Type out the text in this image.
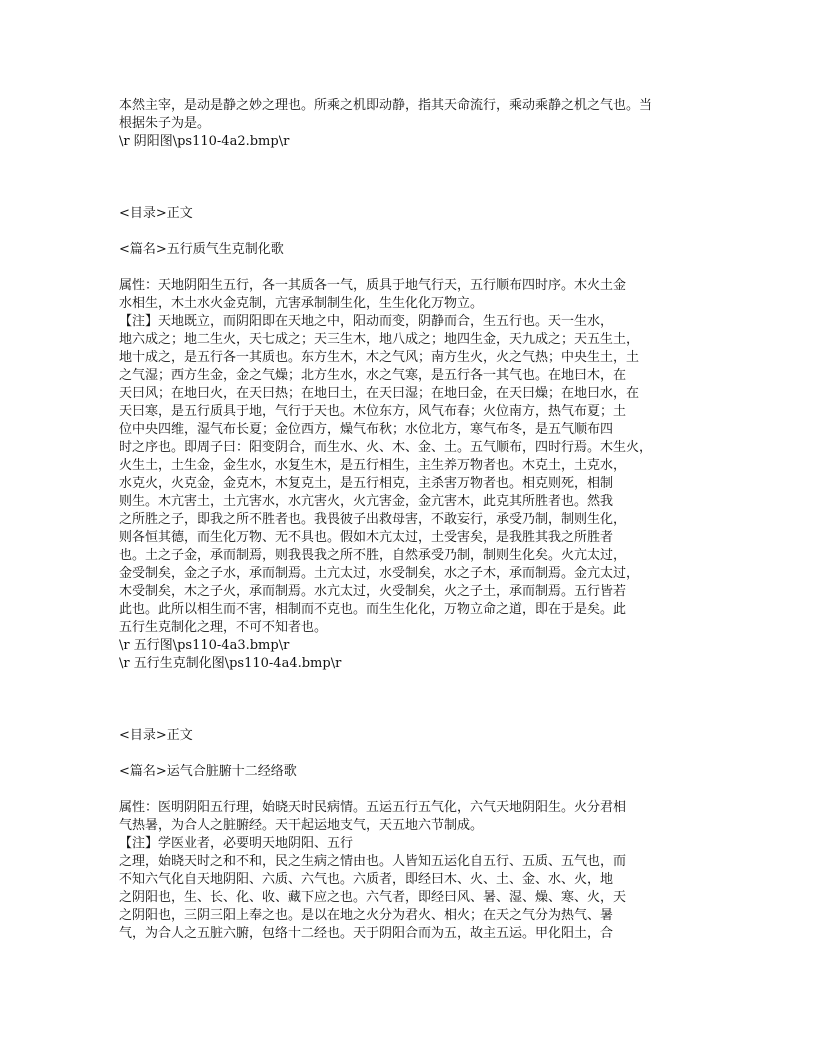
本然主宰，是动是静之妙之理也。所乘之机即动静，指其天命流行，乘动乘静之机之气也。当
根据朱子为是。
\r 阴阳图\ps110-4a2.bmp\r
<目录>正文
<篇名>五行质气生克制化歌
属性：天地阴阳生五行，各一其质各一气，质具于地气行天，五行顺布四时序。木火土金
水相生，木土水火金克制，亢害承制制生化，生生化化万物立。
【注】天地既立，而阴阳即在天地之中，阳动而变，阴静而合，生五行也。天一生水，
地六成之；地二生火，天七成之；天三生木，地八成之；地四生金，天九成之；天五生土，
地十成之，是五行各一其质也。东方生木，木之气风；南方生火，火之气热；中央生土，土
之气湿；西方生金，金之气燥；北方生水，水之气寒，是五行各一其气也。在地曰木，在
天曰风；在地曰火，在天曰热；在地曰土，在天曰湿；在地曰金，在天曰燥；在地曰水，在
天曰寒，是五行质具于地，气行于天也。木位东方，风气布春；火位南方，热气布夏；土
位中央四维，湿气布长夏；金位西方，燥气布秋；水位北方，寒气布冬，是五气顺布四
时之序也。即周子曰：阳变阴合，而生水、火、木、金、土。五气顺布，四时行焉。木生火，
火生土，土生金，金生水，水复生木，是五行相生，主生养万物者也。木克土，土克水，
水克火，火克金，金克木，木复克土，是五行相克，主杀害万物者也。相克则死，相制
则生。木亢害土，土亢害水，水亢害火，火亢害金，金亢害木，此克其所胜者也。然我
之所胜之子，即我之所不胜者也。我畏彼子出救母害，不敢妄行，承受乃制，制则生化，
则各恒其德，而生化万物、无不具也。假如木亢太过，土受害矣，是我胜其我之所胜者
也。土之子金，承而制焉，则我畏我之所不胜，自然承受乃制，制则生化矣。火亢太过，
金受制矣，金之子水，承而制焉。土亢太过，水受制矣，水之子木，承而制焉。金亢太过，
木受制矣，木之子火，承而制焉。水亢太过，火受制矣，火之子土，承而制焉。五行皆若
此也。此所以相生而不害，相制而不克也。而生生化化，万物立命之道，即在于是矣。此
五行生克制化之理，不可不知者也。
\r 五行图\ps110-4a3.bmp\r
\r 五行生克制化图\ps110-4a4.bmp\r
<目录>正文
<篇名>运气合脏腑十二经络歌
属性：医明阴阳五行理，始晓天时民病情。五运五行五气化，六气天地阴阳生。火分君相
气热暑，为合人之脏腑经。天干起运地支气，天五地六节制成。
【注】学医业者，必要明天地阴阳、五行
之理，始晓天时之和不和，民之生病之情由也。人皆知五运化自五行、五质、五气也，而
不知六气化自天地阴阳、六质、六气也。六质者，即经曰木、火、土、金、水、火，地
之阴阳也，生、长、化、收、藏下应之也。六气者，即经曰风、暑、湿、燥、寒、火，天
之阴阳也，三阴三阳上奉之也。是以在地之火分为君火、相火；在天之气分为热气、暑
气，为合人之五脏六腑，包络十二经也。天于阴阳合而为五，故主五运。甲化阳土，合
